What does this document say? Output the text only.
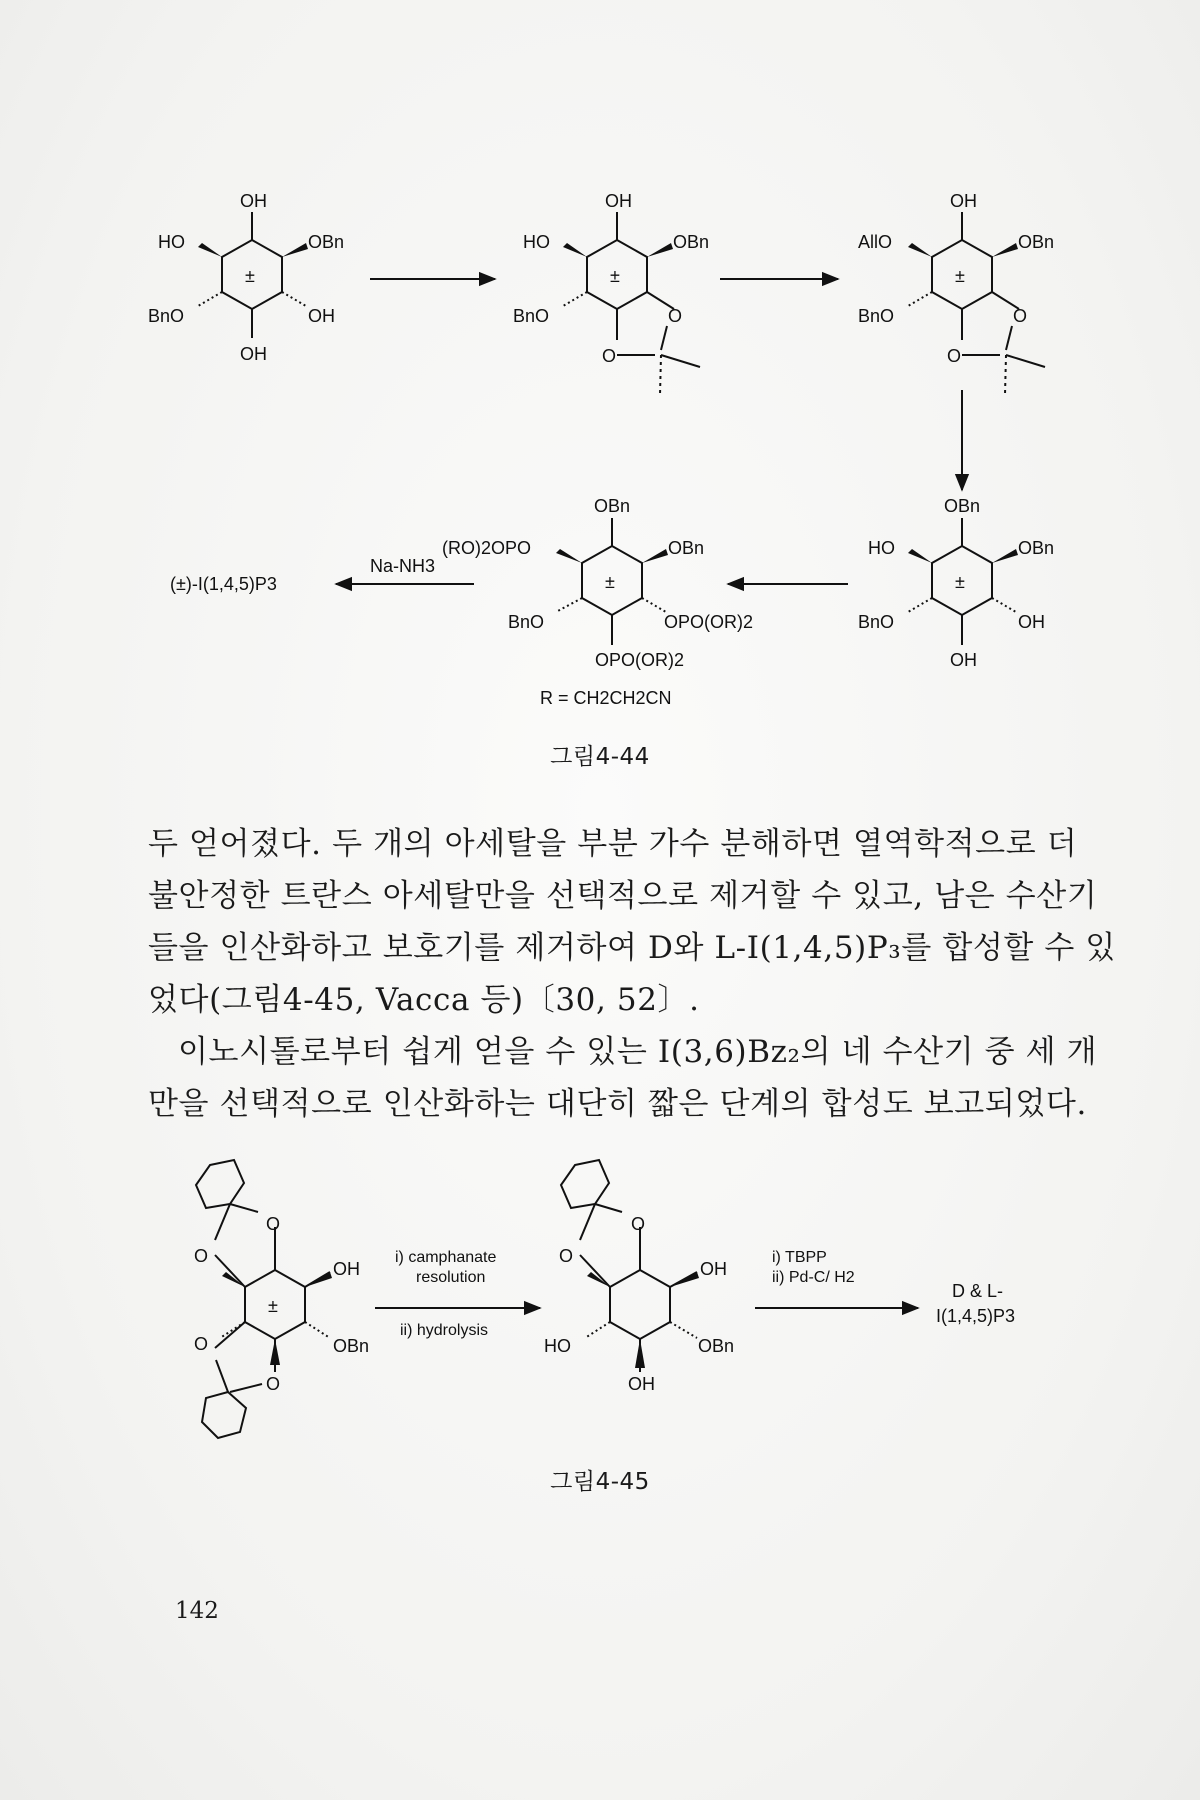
OH
OH
HO	OBn
BnO	OH
±
OH
HO	OBn
BnO	O
O
±
OH
AllO	OBn
BnO	O
O
±
OBn
OH
HO	OBn
BnO	OH
±
OBn
OPO(OR)2
(RO)2OPO	OBn
BnO	OPO(OR)2
±
R = CH2CH2CN
Na-NH3
(±)-I(1,4,5)P3
그림4-44

두 얻어졌다. 두 개의 아세탈을 부분 가수 분해하면 열역학적으로 더

불안정한 트란스 아세탈만을 선택적으로 제거할 수 있고, 남은 수산기

들을 인산화하고 보호기를 제거하여 D와 L-I(1,4,5)P₃를 합성할 수 있

었다(그림4-45, Vacca 등)〔30, 52〕.

이노시톨로부터 쉽게 얻을 수 있는 I(3,6)Bz₂의 네 수산기 중 세 개

만을 선택적으로 인산화하는 대단히 짧은 단계의 합성도 보고되었다.

O
O
OH
±
O	OBn
O
i) camphanate
resolution
ii) hydrolysis
O
O
OH
HO	OBn
OH
i) TBPP
ii) Pd-C/ H2
D & L-
I(1,4,5)P3
그림4-45
142
